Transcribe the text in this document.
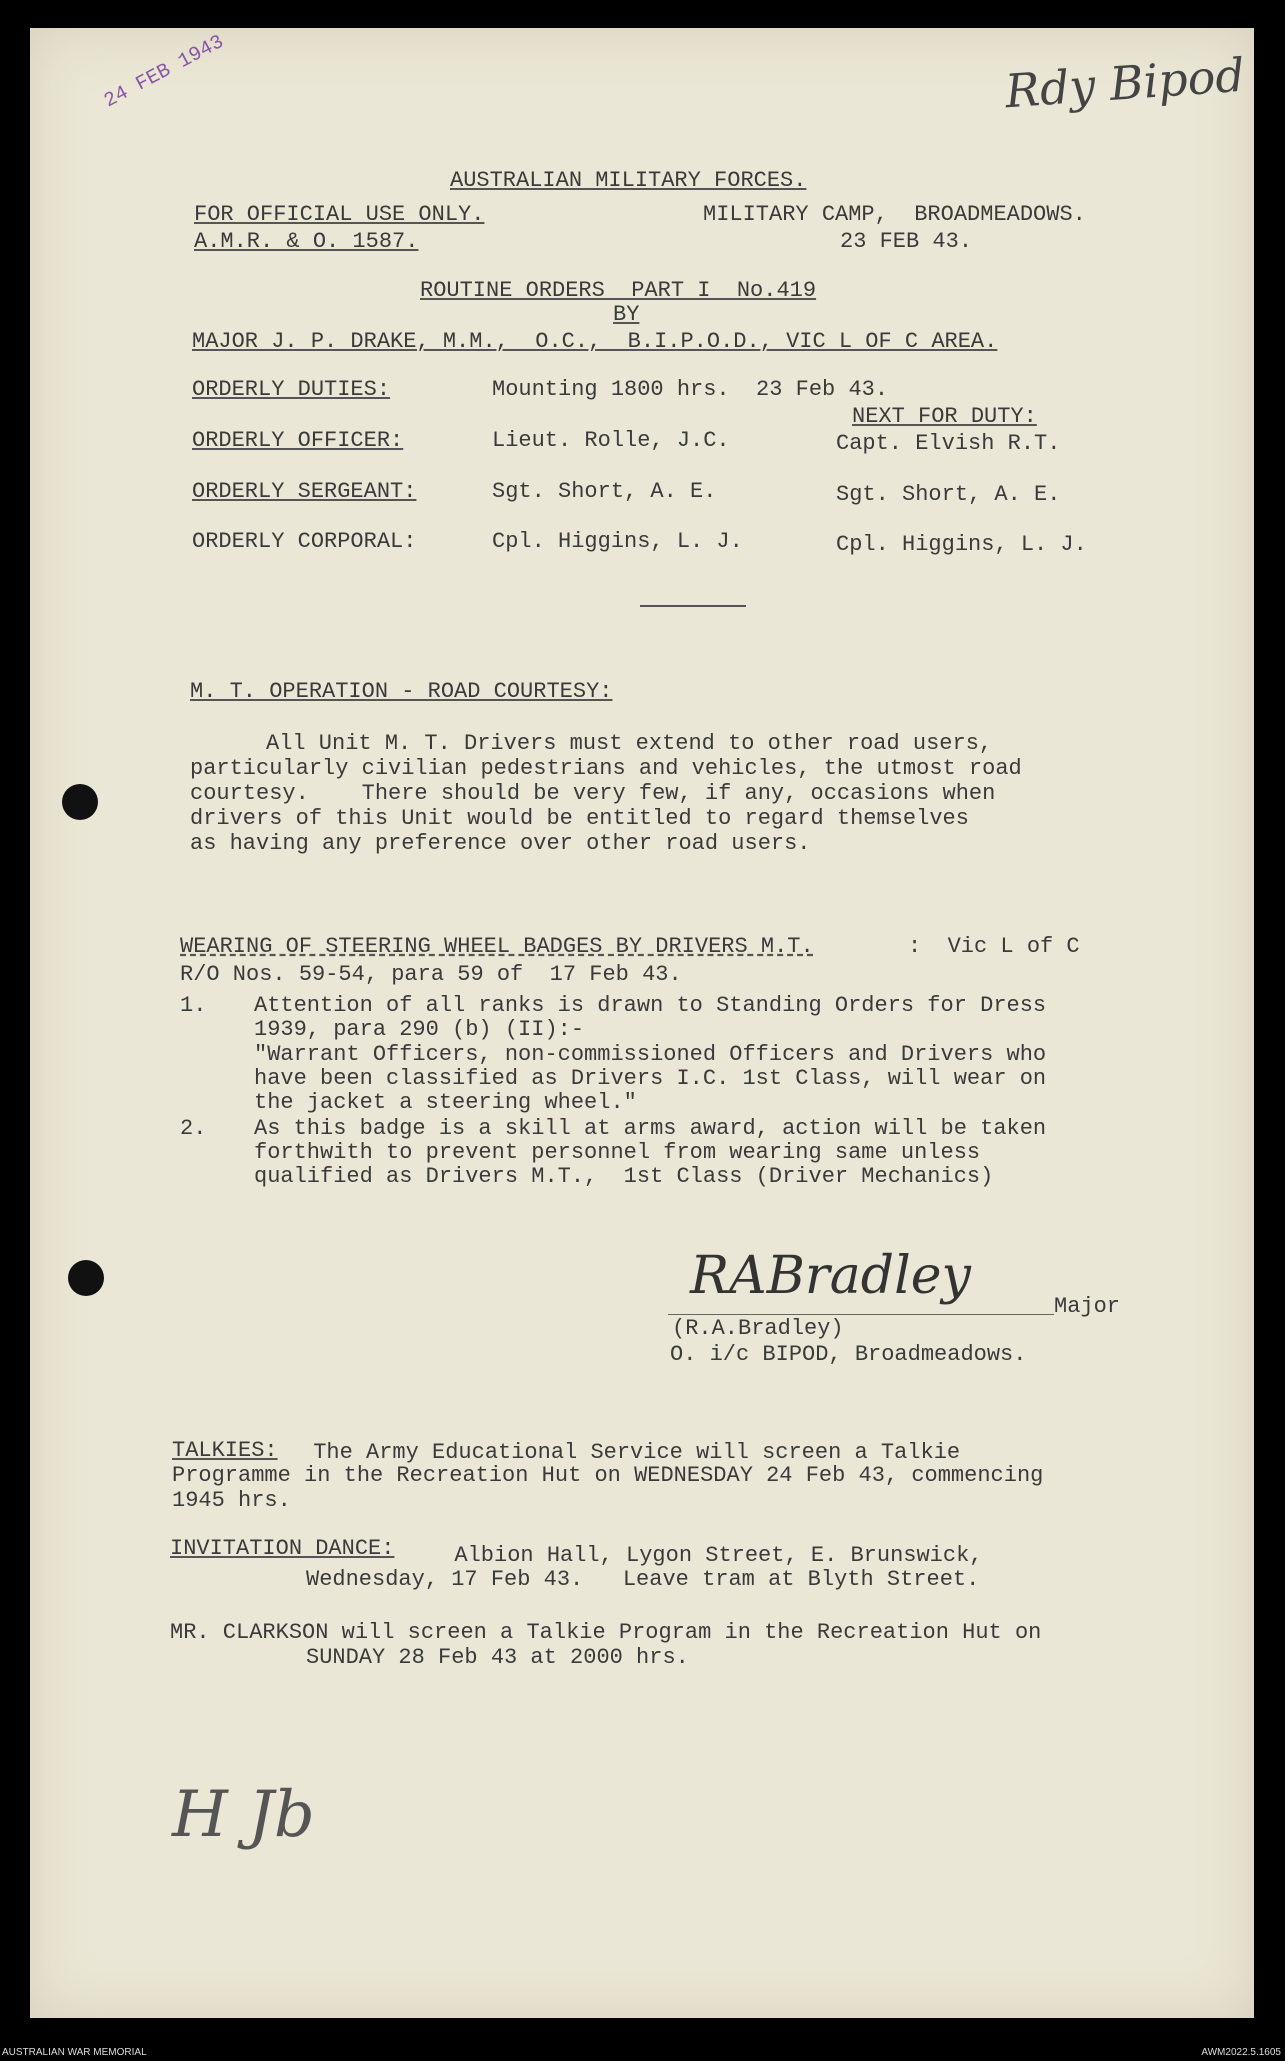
24 FEB 1943	Rdy Bipod
AUSTRALIAN MILITARY FORCES.
FOR OFFICIAL USE ONLY.
A.M.R. & O. 1587.
MILITARY CAMP,  BROADMEADOWS.
23 FEB 43.
ROUTINE ORDERS  PART I  No.419
BY
MAJOR J. P. DRAKE, M.M.,  O.C.,  B.I.P.O.D., VIC L OF C AREA.
ORDERLY DUTIES:	Mounting 1800 hrs.  23 Feb 43.
NEXT FOR DUTY:
ORDERLY OFFICER:	Lieut. Rolle, J.C.	Capt. Elvish R.T.
ORDERLY SERGEANT:	Sgt. Short, A. E.	Sgt. Short, A. E.
ORDERLY CORPORAL:	Cpl. Higgins, L. J.	Cpl. Higgins, L. J.
M. T. OPERATION - ROAD COURTESY:
All Unit M. T. Drivers must extend to other road users,
particularly civilian pedestrians and vehicles, the utmost road
courtesy.    There should be very few, if any, occasions when
drivers of this Unit would be entitled to regard themselves
as having any preference over other road users.
WEARING OF STEERING WHEEL BADGES BY DRIVERS M.T.	:  Vic L of C
R/O Nos. 59-54, para 59 of  17 Feb 43.
1. Attention of all ranks is drawn to Standing Orders for Dress
1939, para 290 (b) (II):-
"Warrant Officers, non-commissioned Officers and Drivers who
have been classified as Drivers I.C. 1st Class, will wear on
the jacket a steering wheel."
2. As this badge is a skill at arms award, action will be taken
forthwith to prevent personnel from wearing same unless
qualified as Drivers M.T.,  1st Class (Driver Mechanics)
RABradley
Major
(R.A.Bradley)
O. i/c BIPOD, Broadmeadows.
TALKIES: The Army Educational Service will screen a Talkie
Programme in the Recreation Hut on WEDNESDAY 24 Feb 43, commencing
1945 hrs.
INVITATION DANCE: Albion Hall, Lygon Street, E. Brunswick,
Wednesday, 17 Feb 43.   Leave tram at Blyth Street.
MR. CLARKSON will screen a Talkie Program in the Recreation Hut on
SUNDAY 28 Feb 43 at 2000 hrs.
H Jb
AUSTRALIAN WAR MEMORIAL	AWM2022.5.1605
